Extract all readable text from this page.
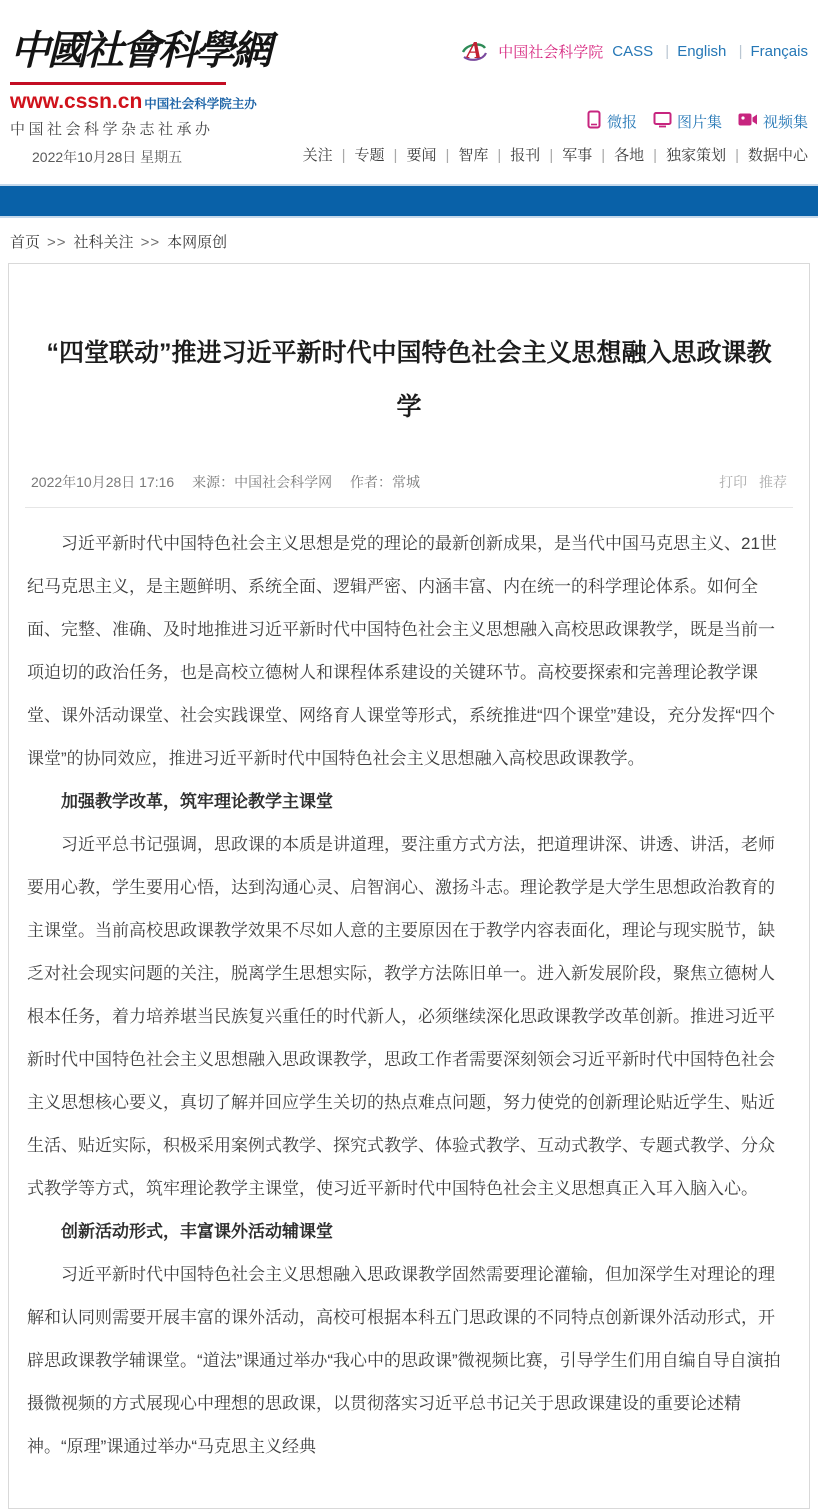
中國社會科學網
www.cssn.cn 中国社会科学院主办
中国社会科学杂志社承办
2022年10月28日 星期五
A 中国社会科学院 CASS | English | Français
微报	图片集	视频集
关注 | 专题 | 要闻 | 智库 | 报刊 | 军事 | 各地 | 独家策划 | 数据中心
首页 >> 社科关注 >> 本网原创
“四堂联动”推进习近平新时代中国特色社会主义思想融入思政课教学
2022年10月28日 17:16 来源：中国社会科学网 作者：常城	打印 推荐

习近平新时代中国特色社会主义思想是党的理论的最新创新成果，是当代中国马克思主义、21世纪马克思主义，是主题鲜明、系统全面、逻辑严密、内涵丰富、内在统一的科学理论体系。如何全面、完整、准确、及时地推进习近平新时代中国特色社会主义思想融入高校思政课教学，既是当前一项迫切的政治任务，也是高校立德树人和课程体系建设的关键环节。高校要探索和完善理论教学课堂、课外活动课堂、社会实践课堂、网络育人课堂等形式，系统推进“四个课堂”建设，充分发挥“四个课堂”的协同效应，推进习近平新时代中国特色社会主义思想融入高校思政课教学。

加强教学改革，筑牢理论教学主课堂

习近平总书记强调，思政课的本质是讲道理，要注重方式方法，把道理讲深、讲透、讲活，老师要用心教，学生要用心悟，达到沟通心灵、启智润心、激扬斗志。理论教学是大学生思想政治教育的主课堂。当前高校思政课教学效果不尽如人意的主要原因在于教学内容表面化，理论与现实脱节，缺乏对社会现实问题的关注，脱离学生思想实际，教学方法陈旧单一。进入新发展阶段，聚焦立德树人根本任务，着力培养堪当民族复兴重任的时代新人，必须继续深化思政课教学改革创新。推进习近平新时代中国特色社会主义思想融入思政课教学，思政工作者需要深刻领会习近平新时代中国特色社会主义思想核心要义，真切了解并回应学生关切的热点难点问题，努力使党的创新理论贴近学生、贴近生活、贴近实际，积极采用案例式教学、探究式教学、体验式教学、互动式教学、专题式教学、分众式教学等方式，筑牢理论教学主课堂，使习近平新时代中国特色社会主义思想真正入耳入脑入心。

创新活动形式，丰富课外活动辅课堂

习近平新时代中国特色社会主义思想融入思政课教学固然需要理论灌输，但加深学生对理论的理解和认同则需要开展丰富的课外活动，高校可根据本科五门思政课的不同特点创新课外活动形式，开辟思政课教学辅课堂。“道法”课通过举办“我心中的思政课”微视频比赛，引导学生们用自编自导自演拍摄微视频的方式展现心中理想的思政课，以贯彻落实习近平总书记关于思政课建设的重要论述精神。“原理”课通过举办“马克思主义经典
